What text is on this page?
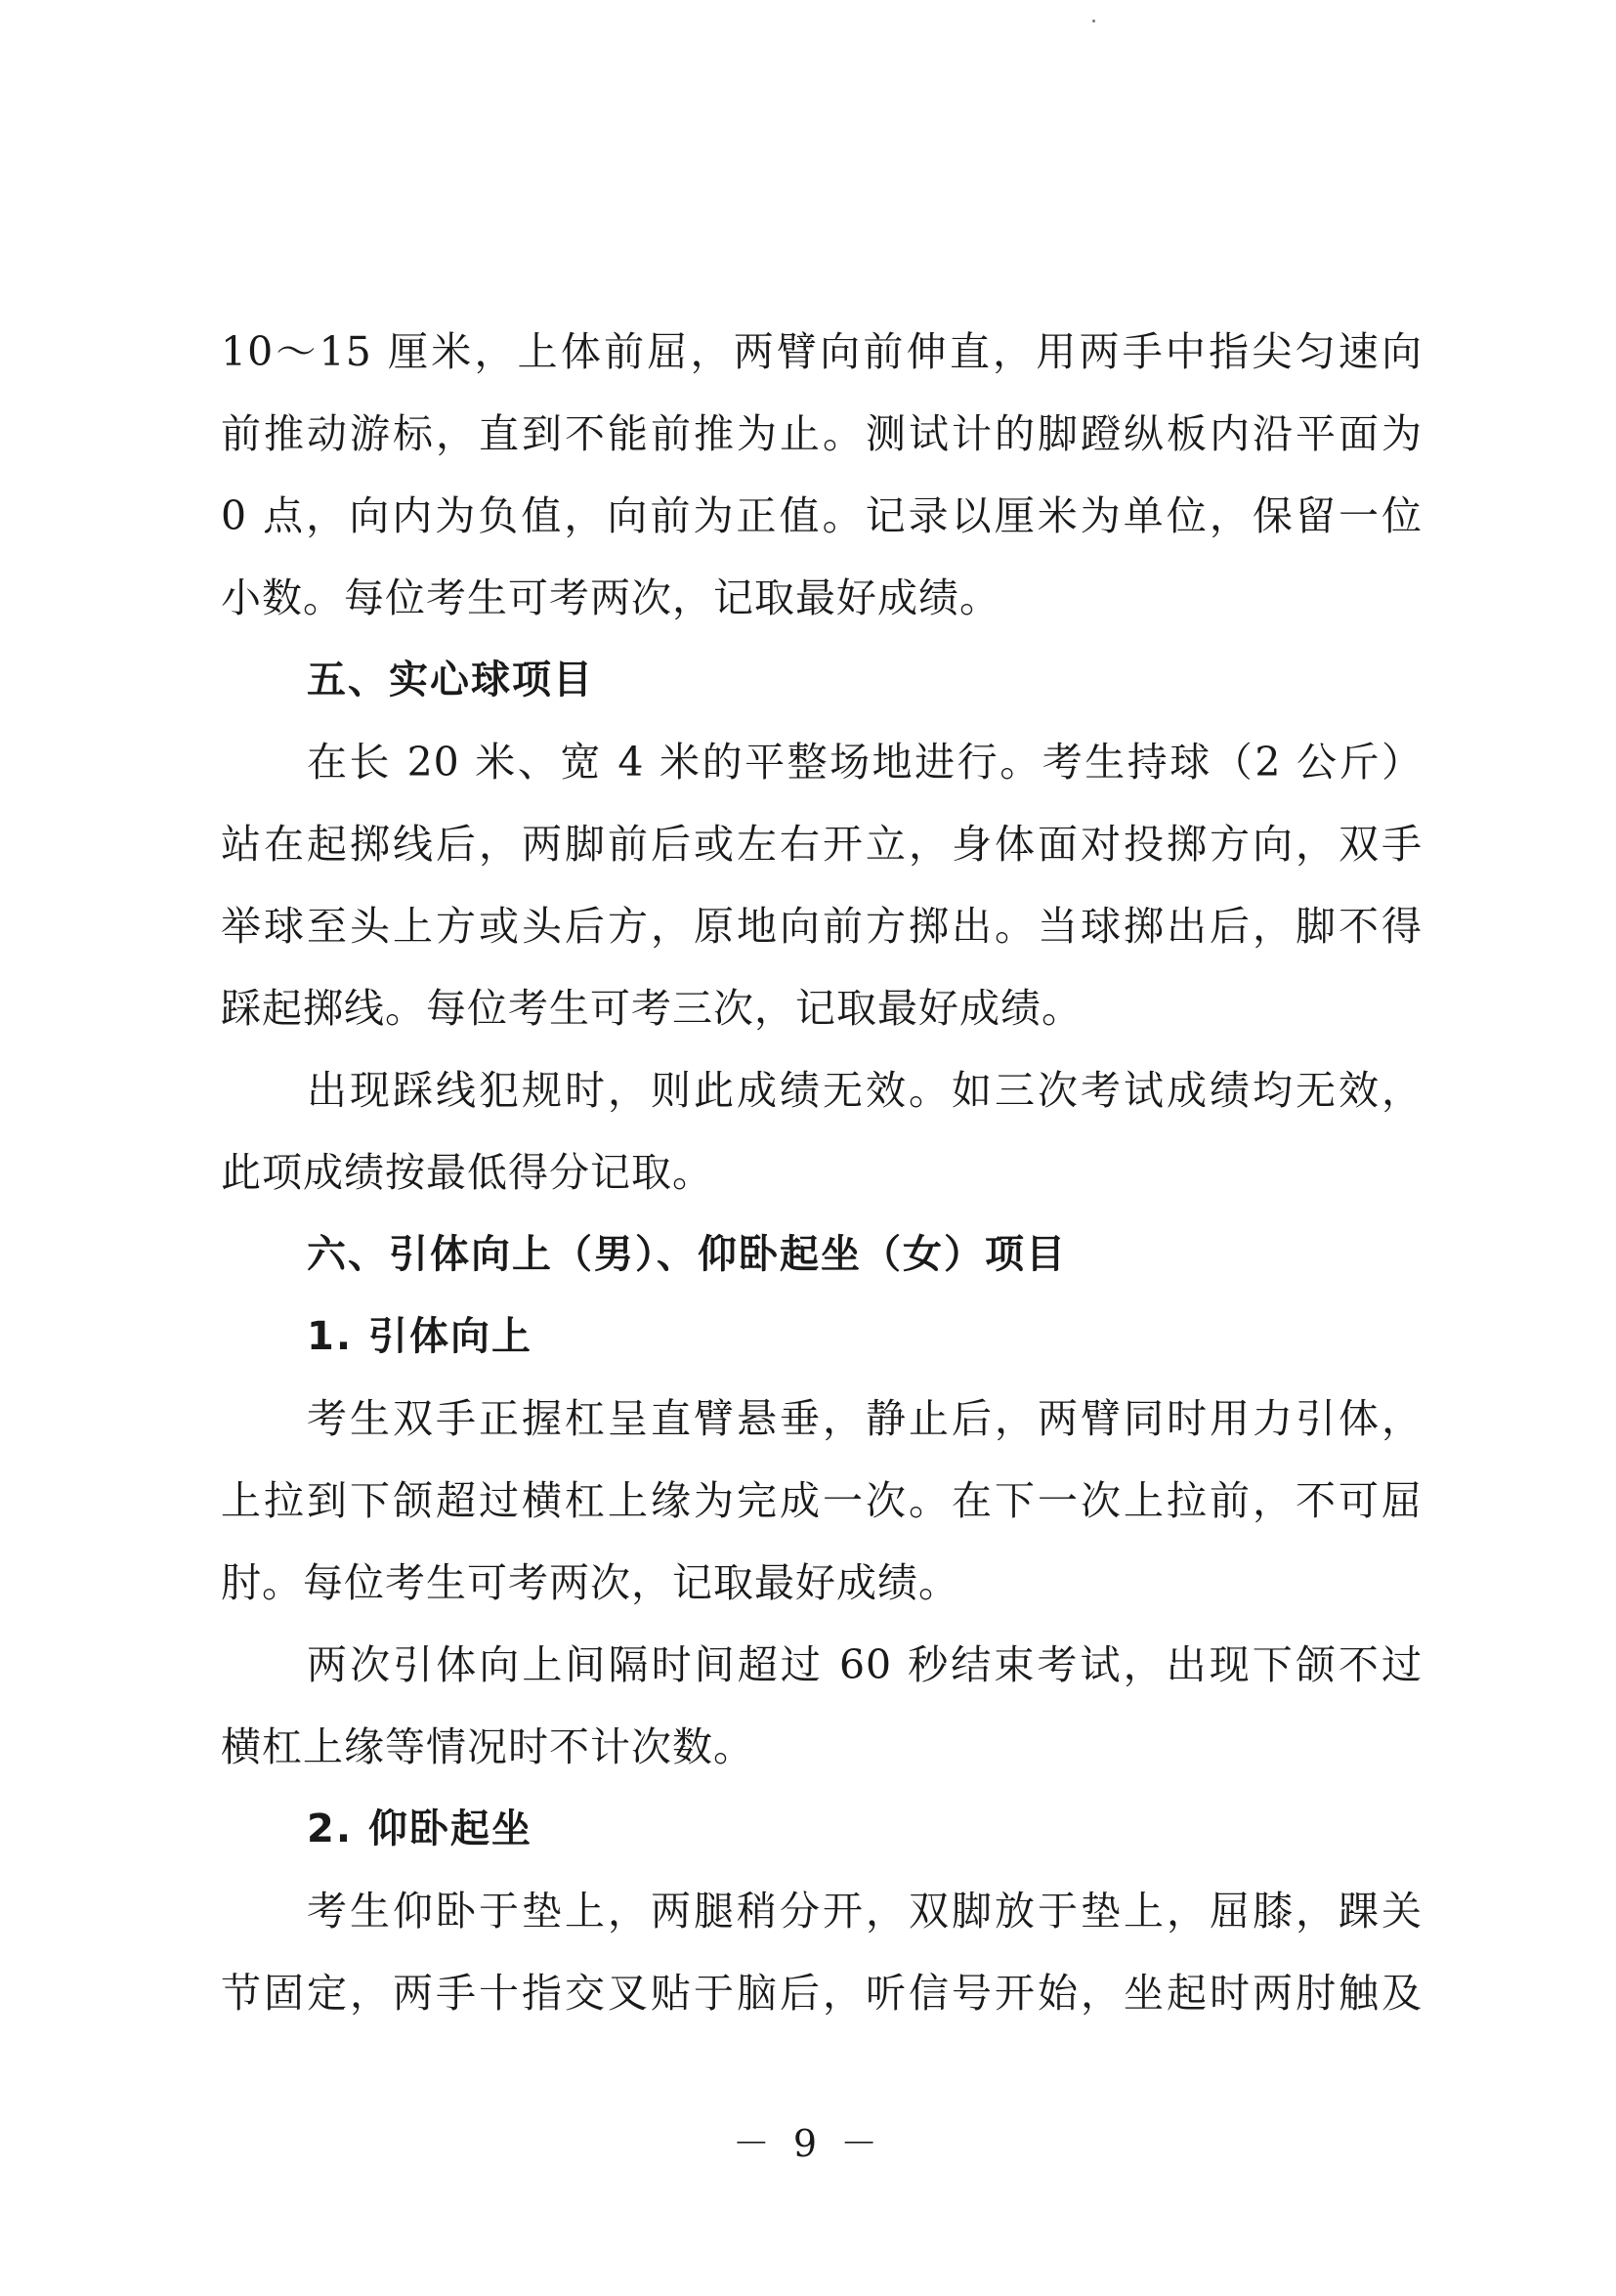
10～15 厘米，上体前屈，两臂向前伸直，用两手中指尖匀速向
前推动游标，直到不能前推为止。测试计的脚蹬纵板内沿平面为
0 点，向内为负值，向前为正值。记录以厘米为单位，保留一位
小数。每位考生可考两次，记取最好成绩。
五、实心球项目
在长 20 米、宽 4 米的平整场地进行。考生持球（2 公斤）
站在起掷线后，两脚前后或左右开立，身体面对投掷方向，双手
举球至头上方或头后方，原地向前方掷出。当球掷出后，脚不得
踩起掷线。每位考生可考三次，记取最好成绩。
出现踩线犯规时，则此成绩无效。如三次考试成绩均无效，
此项成绩按最低得分记取。
六、引体向上（男）、仰卧起坐（女）项目
1. 引体向上
考生双手正握杠呈直臂悬垂，静止后，两臂同时用力引体，
上拉到下颌超过横杠上缘为完成一次。在下一次上拉前，不可屈
肘。每位考生可考两次，记取最好成绩。
两次引体向上间隔时间超过 60 秒结束考试，出现下颌不过
横杠上缘等情况时不计次数。
2. 仰卧起坐
考生仰卧于垫上，两腿稍分开，双脚放于垫上，屈膝，踝关
节固定，两手十指交叉贴于脑后，听信号开始，坐起时两肘触及
－ 9 －
